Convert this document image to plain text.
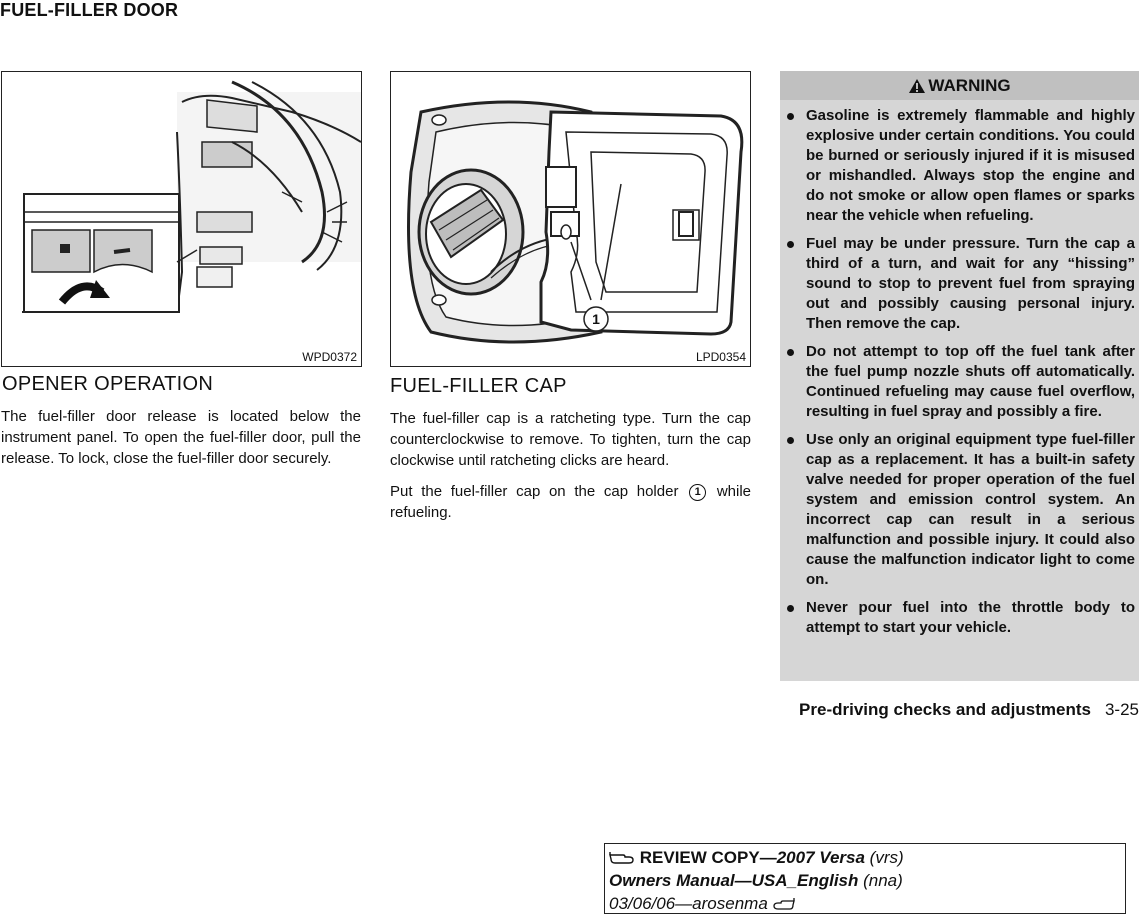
FUEL-FILLER DOOR
WPD0372
1
LPD0354
OPENER OPERATION

The fuel-filler door release is located below the instrument panel. To open the fuel-filler door, pull the release. To lock, close the fuel-filler door securely.

FUEL-FILLER CAP

The fuel-filler cap is a ratcheting type. Turn the cap counterclockwise to remove. To tighten, turn the cap clockwise until ratcheting clicks are heard.

Put the fuel-filler cap on the cap holder 1 while refueling.

WARNING
Gasoline is extremely flammable and highly explosive under certain conditions. You could be burned or seriously injured if it is misused or mishandled. Always stop the engine and do not smoke or allow open flames or sparks near the vehicle when refueling.
Fuel may be under pressure. Turn the cap a third of a turn, and wait for any “hissing” sound to stop to prevent fuel from spraying out and possibly causing personal injury. Then remove the cap.
Do not attempt to top off the fuel tank after the fuel pump nozzle shuts off automatically. Continued refueling may cause fuel overflow, resulting in fuel spray and possibly a fire.
Use only an original equipment type fuel-filler cap as a replacement. It has a built-in safety valve needed for proper operation of the fuel system and emission control system. An incorrect cap can result in a serious malfunction and possible injury. It could also cause the malfunction indicator light to come on.
Never pour fuel into the throttle body to attempt to start your vehicle.
Pre-driving checks and adjustments 3-25
REVIEW COPY—2007 Versa (vrs)
Owners Manual—USA_English (nna)
03/06/06—arosenma
